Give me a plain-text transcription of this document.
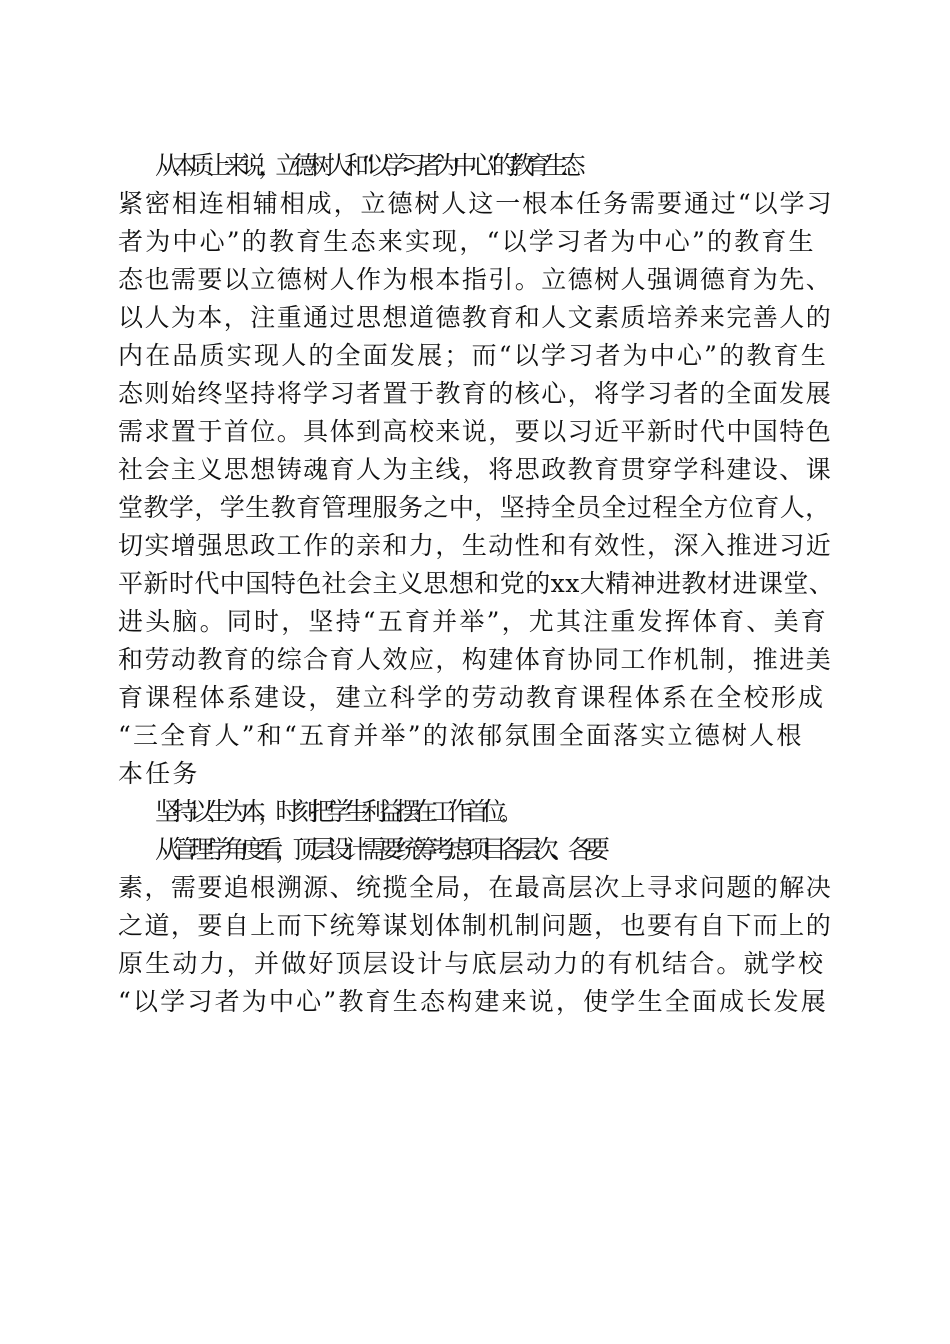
从本质上来说，立德树人和“以学习者为中心”的教育生态
紧密相连相辅相成，立德树人这一根本任务需要通过“以学习
者为中心”的教育生态来实现，“以学习者为中心”的教育生
态也需要以立德树人作为根本指引。立德树人强调德育为先、
以人为本，注重通过思想道德教育和人文素质培养来完善人的
内在品质实现人的全面发展；而“以学习者为中心”的教育生
态则始终坚持将学习者置于教育的核心，将学习者的全面发展
需求置于首位。具体到高校来说，要以习近平新时代中国特色
社会主义思想铸魂育人为主线，将思政教育贯穿学科建设、课
堂教学，学生教育管理服务之中，坚持全员全过程全方位育人，
切实增强思政工作的亲和力，生动性和有效性，深入推进习近
平新时代中国特色社会主义思想和党的xx大精神进教材进课堂、
进头脑。同时，坚持“五育并举”，尤其注重发挥体育、美育
和劳动教育的综合育人效应，构建体育协同工作机制，推进美
育课程体系建设，建立科学的劳动教育课程体系在全校形成
“三全育人”和“五育并举”的浓郁氛围全面落实立德树人根
本任务
坚持以生为本，时刻把学生利益摆在工作首位。
从管理学角度看，顶层设计需要统筹考虑项目各层次、各要
素，需要追根溯源、统揽全局，在最高层次上寻求问题的解决
之道，要自上而下统筹谋划体制机制问题，也要有自下而上的
原生动力，并做好顶层设计与底层动力的有机结合。就学校
“以学习者为中心”教育生态构建来说，使学生全面成长发展
